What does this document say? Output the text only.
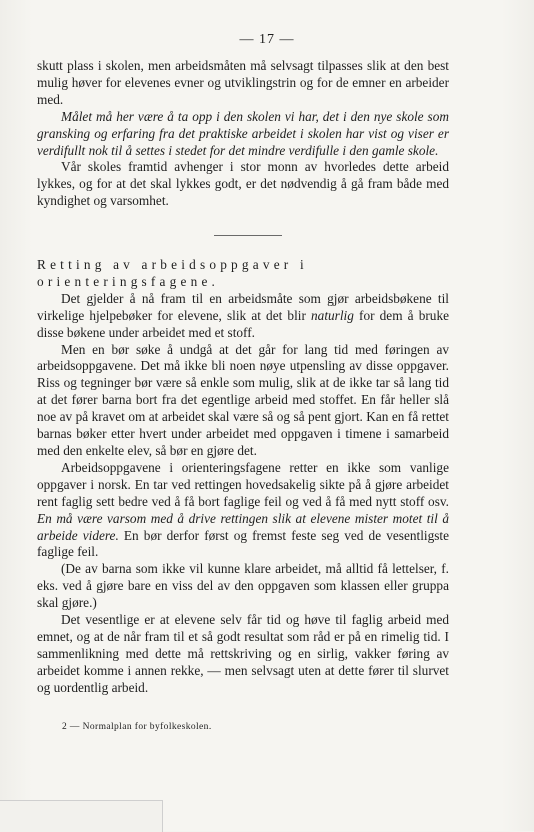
— 17 —

skutt plass i skolen, men arbeidsmåten må selvsagt tilpasses slik at den best mulig høver for elevenes evner og utviklingstrin og for de emner en arbeider med.

Målet må her være å ta opp i den skolen vi har, det i den nye skole som gransking og erfaring fra det praktiske arbeidet i skolen har vist og viser er verdifullt nok til å settes i stedet for det mindre verdifulle i den gamle skole.

Vår skoles framtid avhenger i stor monn av hvorledes dette arbeid lykkes, og for at det skal lykkes godt, er det nødvendig å gå fram både med kyndighet og varsomhet.

Retting av arbeidsoppgaver i orienteringsfagene.

Det gjelder å nå fram til en arbeidsmåte som gjør arbeidsbøkene til virkelige hjelpebøker for elevene, slik at det blir naturlig for dem å bruke disse bøkene under arbeidet med et stoff.

Men en bør søke å undgå at det går for lang tid med føringen av arbeidsoppgavene. Det må ikke bli noen nøye utpensling av disse oppgaver. Riss og tegninger bør være så enkle som mulig, slik at de ikke tar så lang tid at det fører barna bort fra det egentlige arbeid med stoffet. En får heller slå noe av på kravet om at arbeidet skal være så og så pent gjort. Kan en få rettet barnas bøker etter hvert under arbeidet med oppgaven i timene i samarbeid med den enkelte elev, så bør en gjøre det.

Arbeidsoppgavene i orienteringsfagene retter en ikke som vanlige oppgaver i norsk. En tar ved rettingen hovedsakelig sikte på å gjøre arbeidet rent faglig sett bedre ved å få bort faglige feil og ved å få med nytt stoff osv. En må være varsom med å drive rettingen slik at elevene mister motet til å arbeide videre. En bør derfor først og fremst feste seg ved de vesentligste faglige feil.

(De av barna som ikke vil kunne klare arbeidet, må alltid få lettelser, f. eks. ved å gjøre bare en viss del av den oppgaven som klassen eller gruppa skal gjøre.)

Det vesentlige er at elevene selv får tid og høve til faglig arbeid med emnet, og at de når fram til et så godt resultat som råd er på en rimelig tid. I sammenlikning med dette må rettskriving og en sirlig, vakker føring av arbeidet komme i annen rekke, — men selvsagt uten at dette fører til slurvet og uordentlig arbeid.

2 — Normalplan for byfolkeskolen.
